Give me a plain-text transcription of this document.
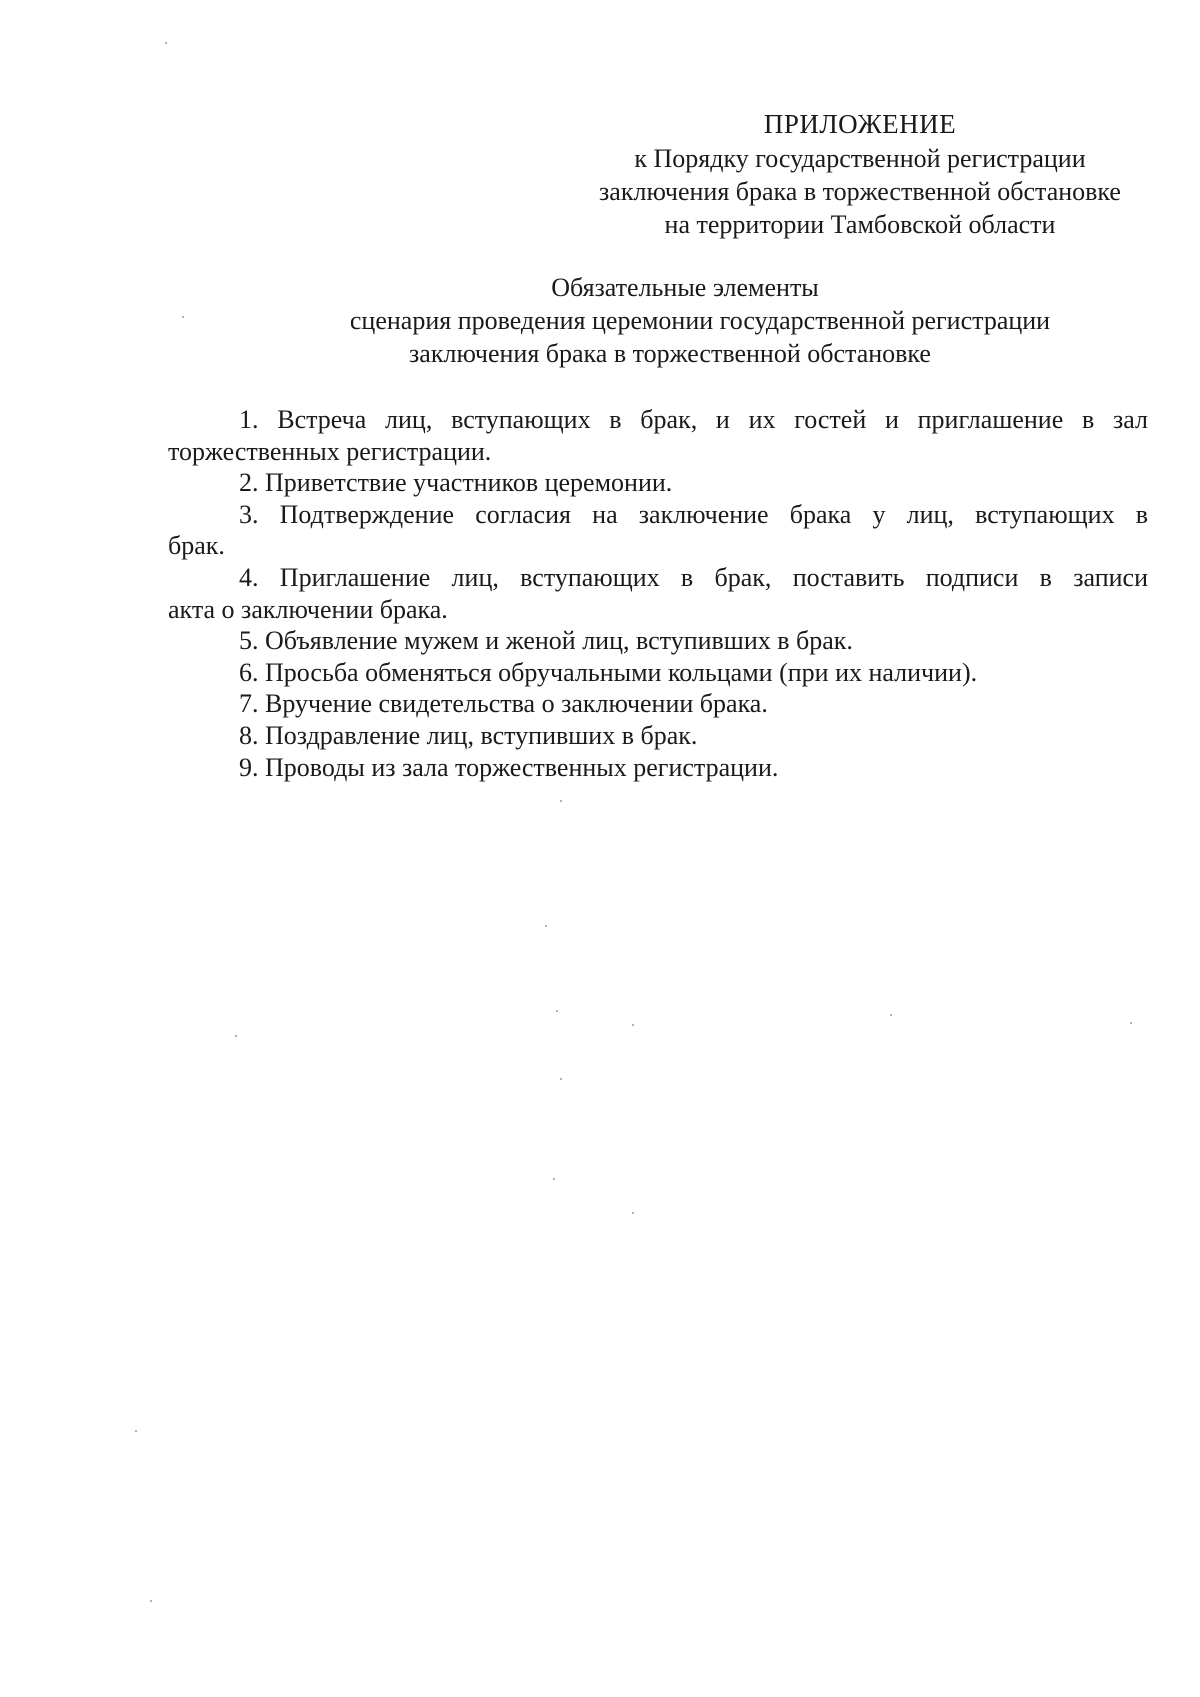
ПРИЛОЖЕНИЕ
к Порядку государственной регистрации
заключения брака в торжественной обстановке
на территории Тамбовской области
Обязательные элементы
сценария проведения церемонии государственной регистрации
заключения брака в торжественной обстановке
1. Встреча лиц, вступающих в брак, и их гостей и приглашение в зал
торжественных регистрации.
2. Приветствие участников церемонии.
3. Подтверждение согласия на заключение брака у лиц, вступающих в
брак.
4. Приглашение лиц, вступающих в брак, поставить подписи в записи
акта о заключении брака.
5. Объявление мужем и женой лиц, вступивших в брак.
6. Просьба обменяться обручальными кольцами (при их наличии).
7. Вручение свидетельства о заключении брака.
8. Поздравление лиц, вступивших в брак.
9. Проводы из зала торжественных регистрации.
